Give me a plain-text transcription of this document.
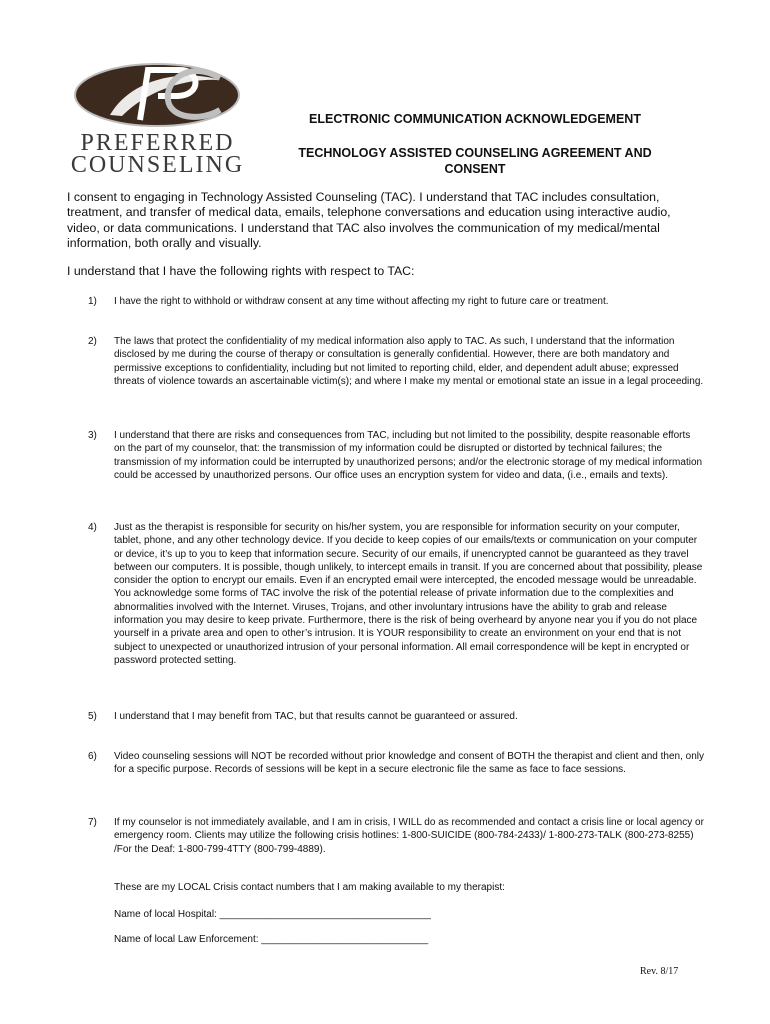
PREFERRED
COUNSELING
ELECTRONIC COMMUNICATION ACKNOWLEDGEMENT
TECHNOLOGY ASSISTED COUNSELING AGREEMENT AND CONSENT
I consent to engaging in Technology Assisted Counseling (TAC). I understand that TAC includes consultation, treatment, and transfer of medical data, emails, telephone conversations and education using interactive audio, video, or data communications. I understand that TAC also involves the communication of my medical/mental information, both orally and visually.
I understand that I have the following rights with respect to TAC:
1)	I have the right to withhold or withdraw consent at any time without affecting my right to future care or treatment.
2)	The laws that protect the confidentiality of my medical information also apply to TAC. As such, I understand that the information disclosed by me during the course of therapy or consultation is generally confidential. However, there are both mandatory and permissive exceptions to confidentiality, including but not limited to reporting child, elder, and dependent adult abuse; expressed threats of violence towards an ascertainable victim(s); and where I make my mental or emotional state an issue in a legal proceeding.
3)	I understand that there are risks and consequences from TAC, including but not limited to the possibility, despite reasonable efforts on the part of my counselor, that: the transmission of my information could be disrupted or distorted by technical failures; the transmission of my information could be interrupted by unauthorized persons; and/or the electronic storage of my medical information could be accessed by unauthorized persons. Our office uses an encryption system for video and data, (i.e., emails and texts).
4)	Just as the therapist is responsible for security on his/her system, you are responsible for information security on your computer, tablet, phone, and any other technology device. If you decide to keep copies of our emails/texts or communication on your computer or device, it’s up to you to keep that information secure. Security of our emails, if unencrypted cannot be guaranteed as they travel between our computers. It is possible, though unlikely, to intercept emails in transit. If you are concerned about that possibility, please consider the option to encrypt our emails. Even if an encrypted email were intercepted, the encoded message would be unreadable. You acknowledge some forms of TAC involve the risk of the potential release of private information due to the complexities and abnormalities involved with the Internet. Viruses, Trojans, and other involuntary intrusions have the ability to grab and release information you may desire to keep private. Furthermore, there is the risk of being overheard by anyone near you if you do not place yourself in a private area and open to other’s intrusion. It is YOUR responsibility to create an environment on your end that is not subject to unexpected or unauthorized intrusion of your personal information. All email correspondence will be kept in encrypted or password protected setting.
5)	I understand that I may benefit from TAC, but that results cannot be guaranteed or assured.
6)	Video counseling sessions will NOT be recorded without prior knowledge and consent of BOTH the therapist and client and then, only for a specific purpose. Records of sessions will be kept in a secure electronic file the same as face to face sessions.
7)	If my counselor is not immediately available, and I am in crisis, I WILL do as recommended and contact a crisis line or local agency or emergency room. Clients may utilize the following crisis hotlines: 1-800-SUICIDE (800-784-2433)/ 1-800-273-TALK (800-273-8255) /For the Deaf: 1-800-799-4TTY (800-799-4889).
These are my LOCAL Crisis contact numbers that I am making available to my therapist:
Name of local Hospital: ______________________________________
Name of local Law Enforcement: ______________________________
Rev. 8/17
